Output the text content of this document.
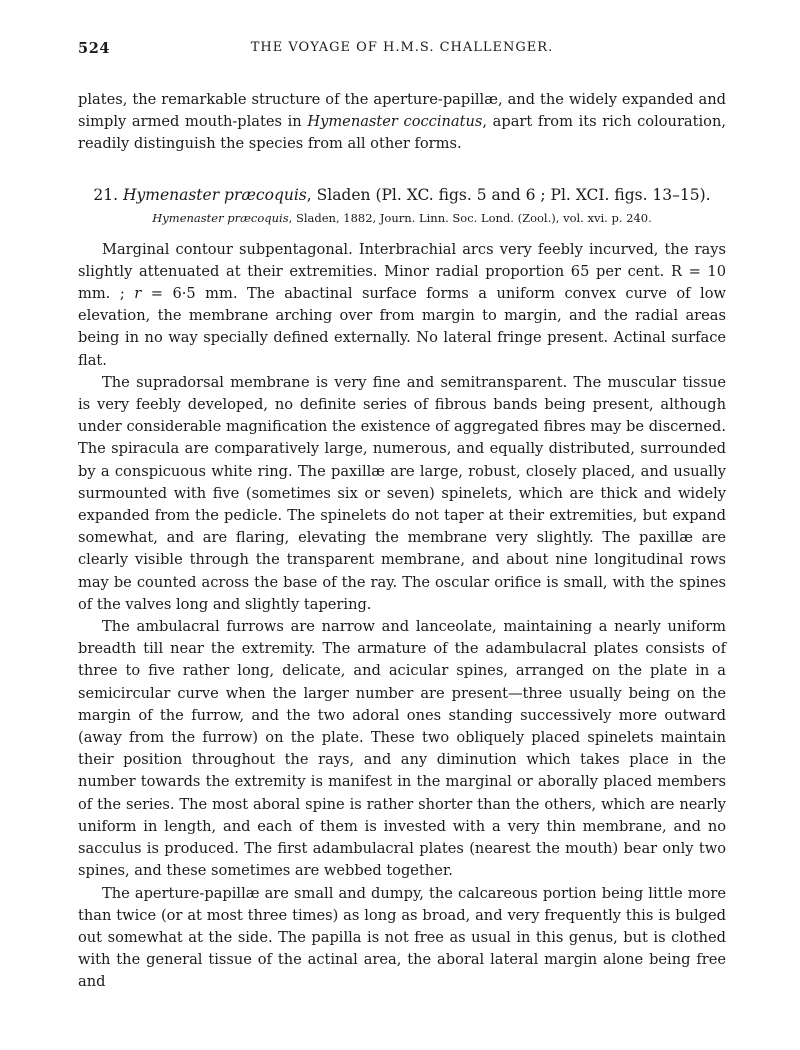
524	THE VOYAGE OF H.M.S. CHALLENGER.

plates, the remarkable structure of the aperture-papillæ, and the widely expanded and simply armed mouth-plates in Hymenaster coccinatus, apart from its rich colouration, readily distinguish the species from all other forms.

21. Hymenaster præcoquis, Sladen (Pl. XC. figs. 5 and 6 ; Pl. XCI. figs. 13–15).
Hymenaster præcoquis, Sladen, 1882, Journ. Linn. Soc. Lond. (Zool.), vol. xvi. p. 240.

Marginal contour subpentagonal. Interbrachial arcs very feebly incurved, the rays slightly attenuated at their extremities. Minor radial proportion 65 per cent. R = 10 mm. ; r = 6·5 mm. The abactinal surface forms a uniform convex curve of low elevation, the membrane arching over from margin to margin, and the radial areas being in no way specially defined externally. No lateral fringe present. Actinal surface flat.

The supradorsal membrane is very fine and semitransparent. The muscular tissue is very feebly developed, no definite series of fibrous bands being present, although under considerable magnification the existence of aggregated fibres may be discerned. The spiracula are comparatively large, numerous, and equally distributed, surrounded by a conspicuous white ring. The paxillæ are large, robust, closely placed, and usually surmounted with five (sometimes six or seven) spinelets, which are thick and widely expanded from the pedicle. The spinelets do not taper at their extremities, but expand somewhat, and are flaring, elevating the membrane very slightly. The paxillæ are clearly visible through the transparent membrane, and about nine longitudinal rows may be counted across the base of the ray. The oscular orifice is small, with the spines of the valves long and slightly tapering.

The ambulacral furrows are narrow and lanceolate, maintaining a nearly uniform breadth till near the extremity. The armature of the adambulacral plates consists of three to five rather long, delicate, and acicular spines, arranged on the plate in a semicircular curve when the larger number are present—three usually being on the margin of the furrow, and the two adoral ones standing successively more outward (away from the furrow) on the plate. These two obliquely placed spinelets maintain their position throughout the rays, and any diminution which takes place in the number towards the extremity is manifest in the marginal or aborally placed members of the series. The most aboral spine is rather shorter than the others, which are nearly uniform in length, and each of them is invested with a very thin membrane, and no sacculus is produced. The first adambulacral plates (nearest the mouth) bear only two spines, and these sometimes are webbed together.

The aperture-papillæ are small and dumpy, the calcareous portion being little more than twice (or at most three times) as long as broad, and very frequently this is bulged out somewhat at the side. The papilla is not free as usual in this genus, but is clothed with the general tissue of the actinal area, the aboral lateral margin alone being free and
